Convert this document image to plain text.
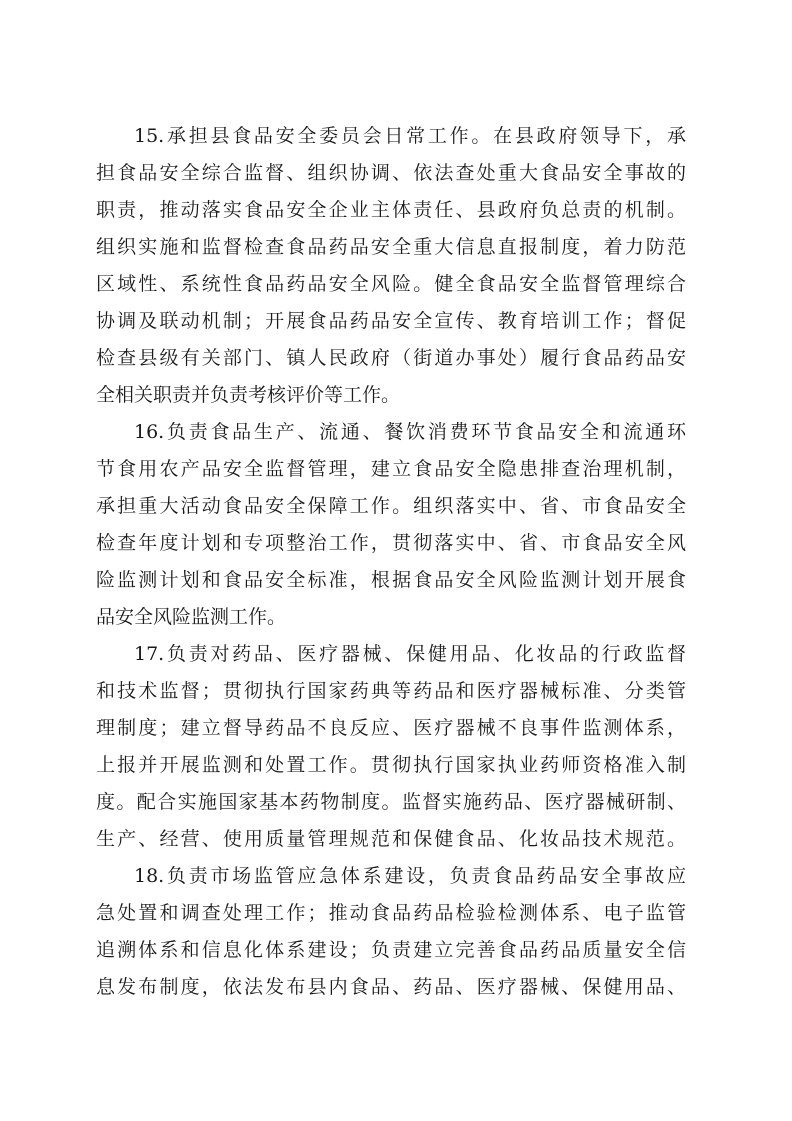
15.承担县食品安全委员会日常工作。在县政府领导下，承
担食品安全综合监督、组织协调、依法查处重大食品安全事故的
职责，推动落实食品安全企业主体责任、县政府负总责的机制。
组织实施和监督检查食品药品安全重大信息直报制度，着力防范
区域性、系统性食品药品安全风险。健全食品安全监督管理综合
协调及联动机制；开展食品药品安全宣传、教育培训工作；督促
检查县级有关部门、镇人民政府（街道办事处）履行食品药品安
全相关职责并负责考核评价等工作。
16.负责食品生产、流通、餐饮消费环节食品安全和流通环
节食用农产品安全监督管理，建立食品安全隐患排查治理机制，
承担重大活动食品安全保障工作。组织落实中、省、市食品安全
检查年度计划和专项整治工作，贯彻落实中、省、市食品安全风
险监测计划和食品安全标准，根据食品安全风险监测计划开展食
品安全风险监测工作。
17.负责对药品、医疗器械、保健用品、化妆品的行政监督
和技术监督；贯彻执行国家药典等药品和医疗器械标准、分类管
理制度；建立督导药品不良反应、医疗器械不良事件监测体系，
上报并开展监测和处置工作。贯彻执行国家执业药师资格准入制
度。配合实施国家基本药物制度。监督实施药品、医疗器械研制、
生产、经营、使用质量管理规范和保健食品、化妆品技术规范。
18.负责市场监管应急体系建设，负责食品药品安全事故应
急处置和调查处理工作；推动食品药品检验检测体系、电子监管
追溯体系和信息化体系建设；负责建立完善食品药品质量安全信
息发布制度，依法发布县内食品、药品、医疗器械、保健用品、
